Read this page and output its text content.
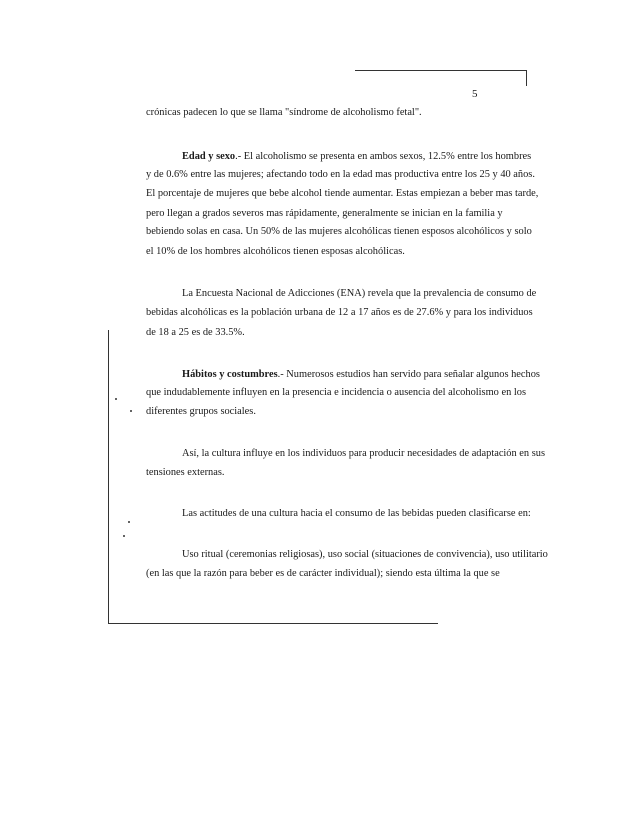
5
crónicas padecen lo que se llama "síndrome de alcoholismo fetal".
Edad y sexo.- El alcoholismo se presenta en ambos sexos, 12.5% entre los hombres
y de 0.6% entre las mujeres; afectando todo en la edad mas productiva entre los 25 y 40 años.
El porcentaje de mujeres que bebe alcohol tiende aumentar. Estas empiezan a beber mas tarde,
pero llegan a grados severos mas rápidamente, generalmente se inician en la familia y
bebiendo solas en casa. Un 50% de las mujeres alcohólicas tienen esposos alcohólicos y solo
el 10% de los hombres alcohólicos tienen esposas alcohólicas.
La Encuesta Nacional de Adicciones (ENA) revela que la prevalencia de consumo de
bebidas alcohólicas es la población urbana de 12 a 17 años es de 27.6% y para los individuos
de 18 a 25 es de 33.5%.
Hábitos y costumbres.- Numerosos estudios han servido para señalar algunos hechos
que indudablemente influyen en la presencia e incidencia o ausencia del alcoholismo en los
diferentes grupos sociales.
Así, la cultura influye en los individuos para producir necesidades de adaptación en sus
tensiones externas.
Las actitudes de una cultura hacia el consumo de las bebidas pueden clasificarse en:
Uso ritual (ceremonias religiosas), uso social (situaciones de convivencia), uso utilitario
(en las que la razón para beber es de carácter individual); siendo esta última la que se
